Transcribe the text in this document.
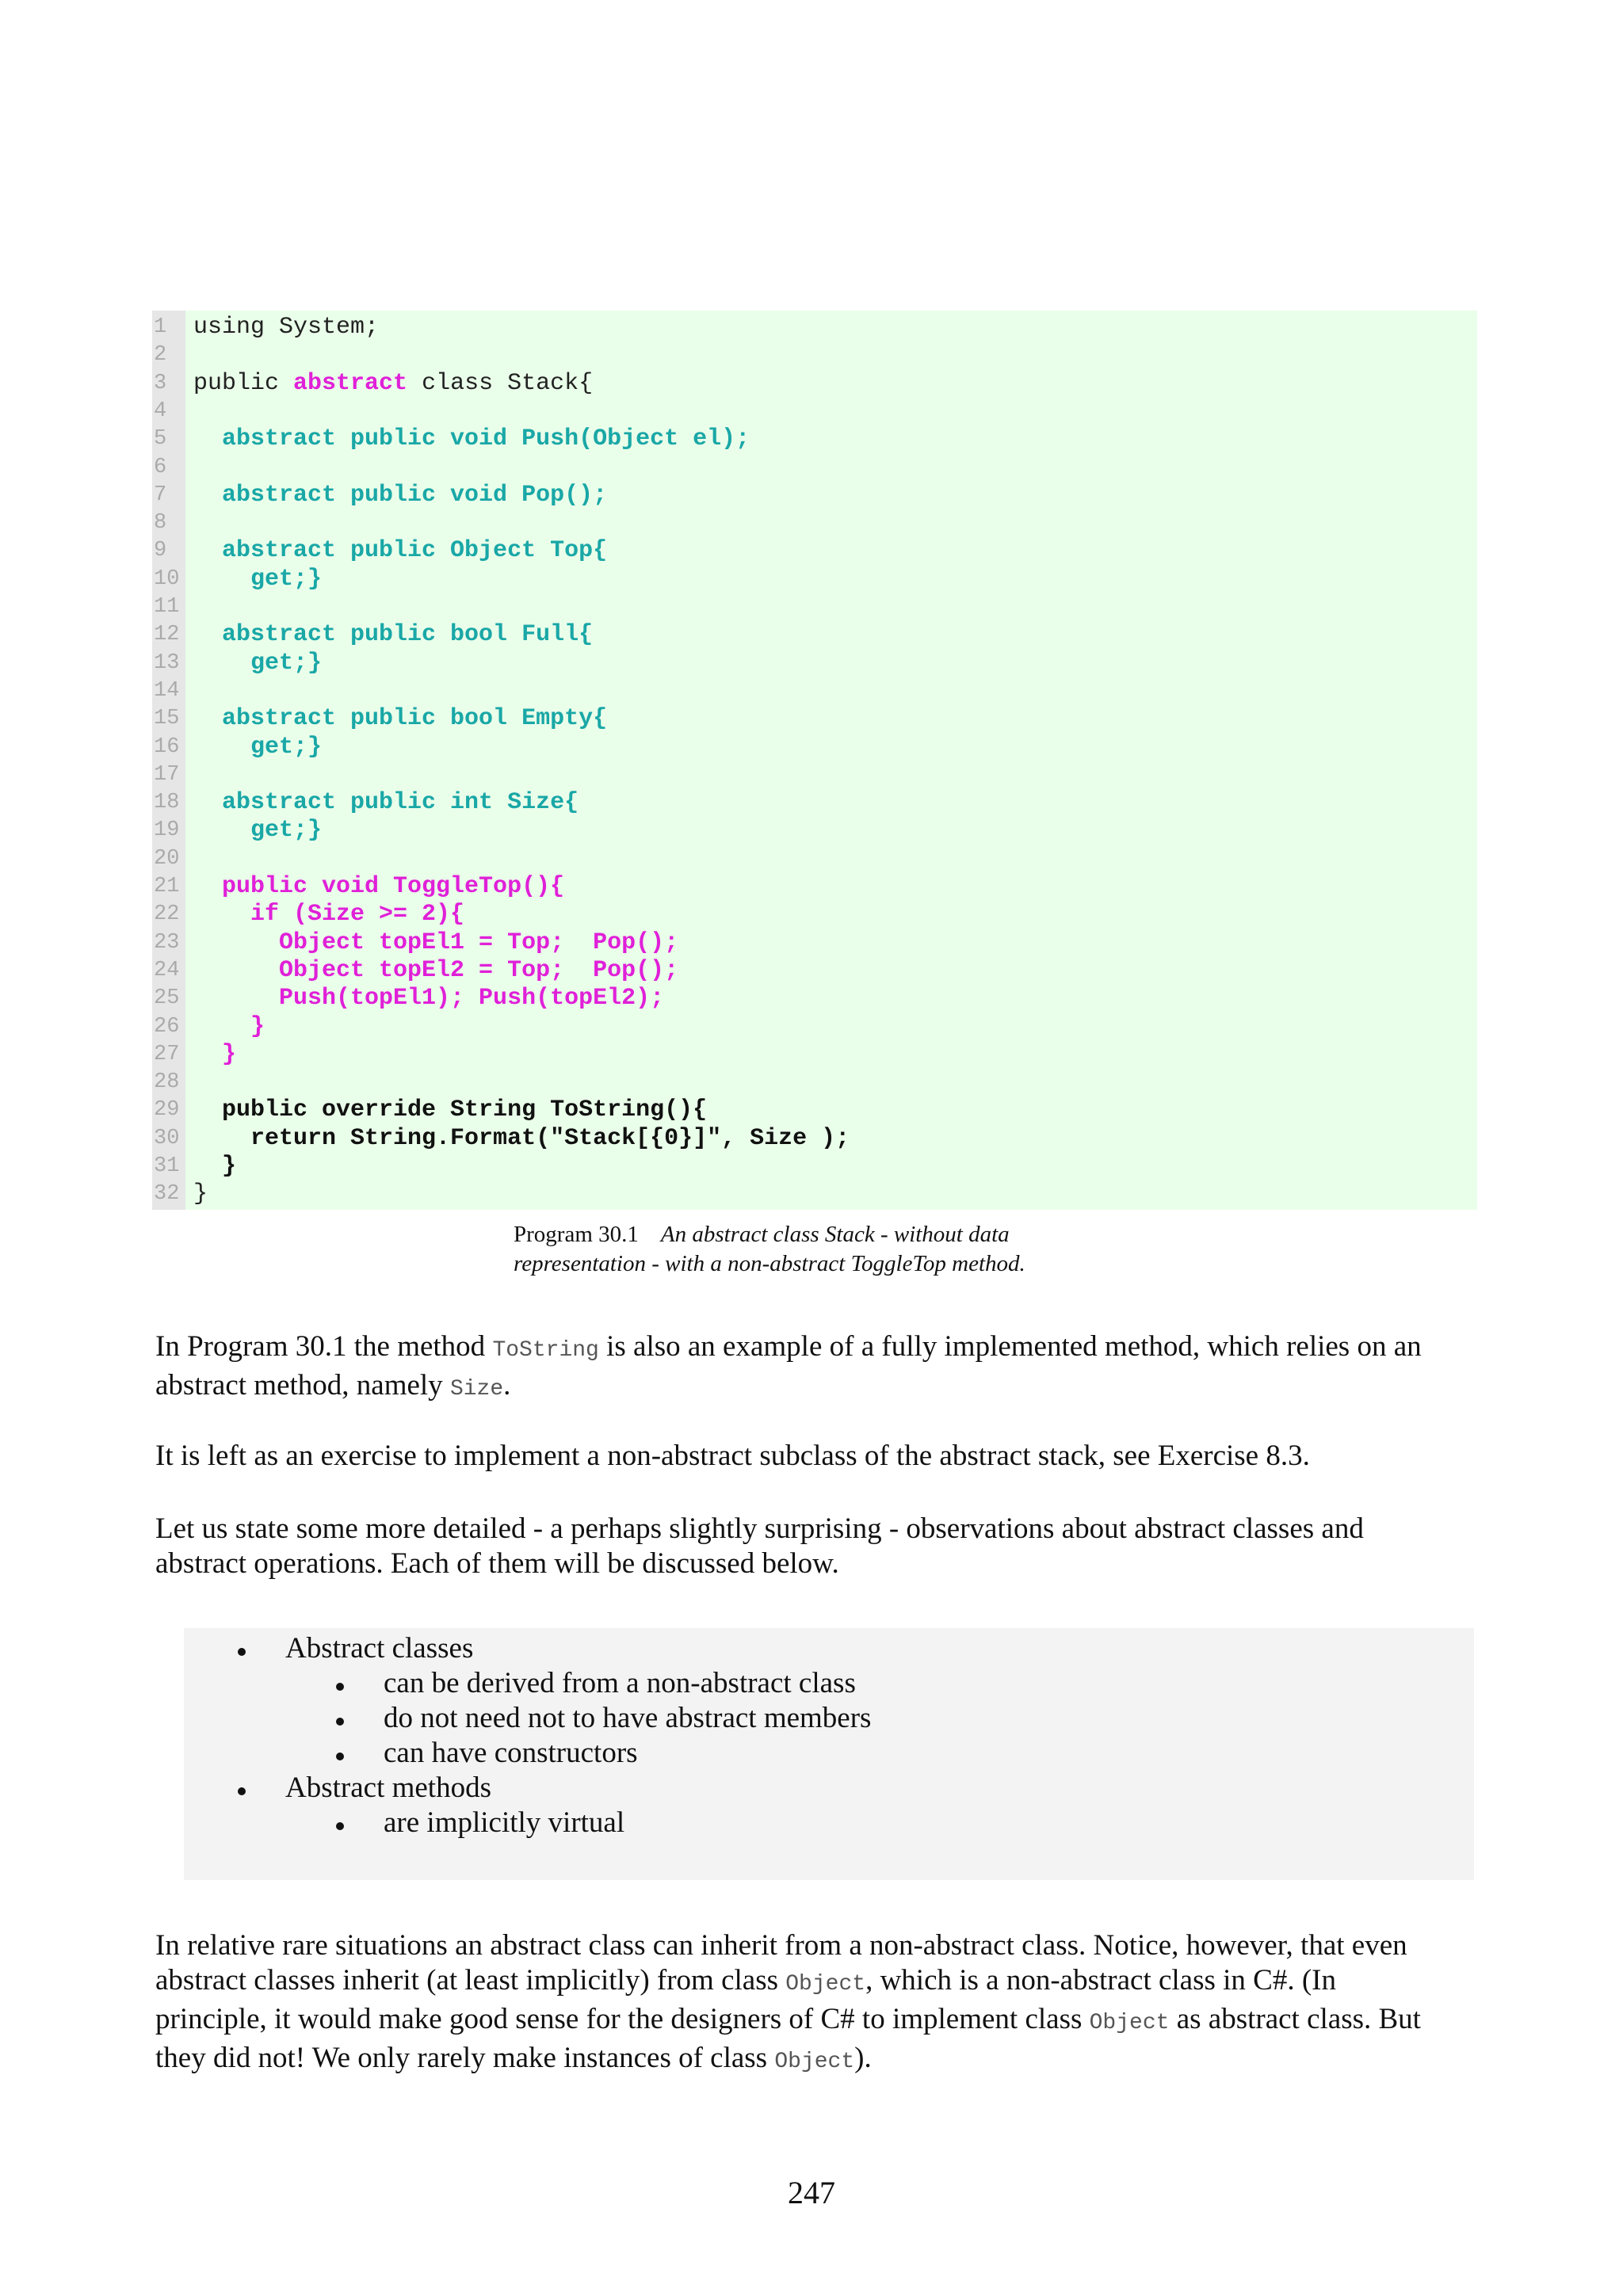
1	using System;
2
3	public abstract class Stack{
4
5	abstract public void Push(Object el);
6
7	abstract public void Pop();
8
9	abstract public Object Top{
10 get;}
11
12 abstract public bool Full{
13 get;}
14
15 abstract public bool Empty{
16 get;}
17
18 abstract public int Size{
19 get;}
20
21 public void ToggleTop(){
22 if (Size >= 2){
23 Object topEl1 = Top;  Pop();
24 Object topEl2 = Top;  Pop();
25 Push(topEl1); Push(topEl2);
26 }
27 }
28
29 public override String ToString(){
30 return String.Format("Stack[{0}]", Size );
31 }
32 }
Program 30.1 An abstract class Stack - without data
representation - with a non-abstract ToggleTop method.
In Program 30.1 the method ToString is also an example of a fully implemented method, which relies on an
abstract method, namely Size.
It is left as an exercise to implement a non-abstract subclass of the abstract stack, see Exercise 8.3.
Let us state some more detailed - a perhaps slightly surprising - observations about abstract classes and
abstract operations. Each of them will be discussed below.
Abstract classes
can be derived from a non-abstract class
do not need not to have abstract members
can have constructors
Abstract methods
are implicitly virtual
In relative rare situations an abstract class can inherit from a non-abstract class. Notice, however, that even
abstract classes inherit (at least implicitly) from class Object, which is a non-abstract class in C#. (In
principle, it would make good sense for the designers of C# to implement class Object as abstract class. But
they did not! We only rarely make instances of class Object).
247
